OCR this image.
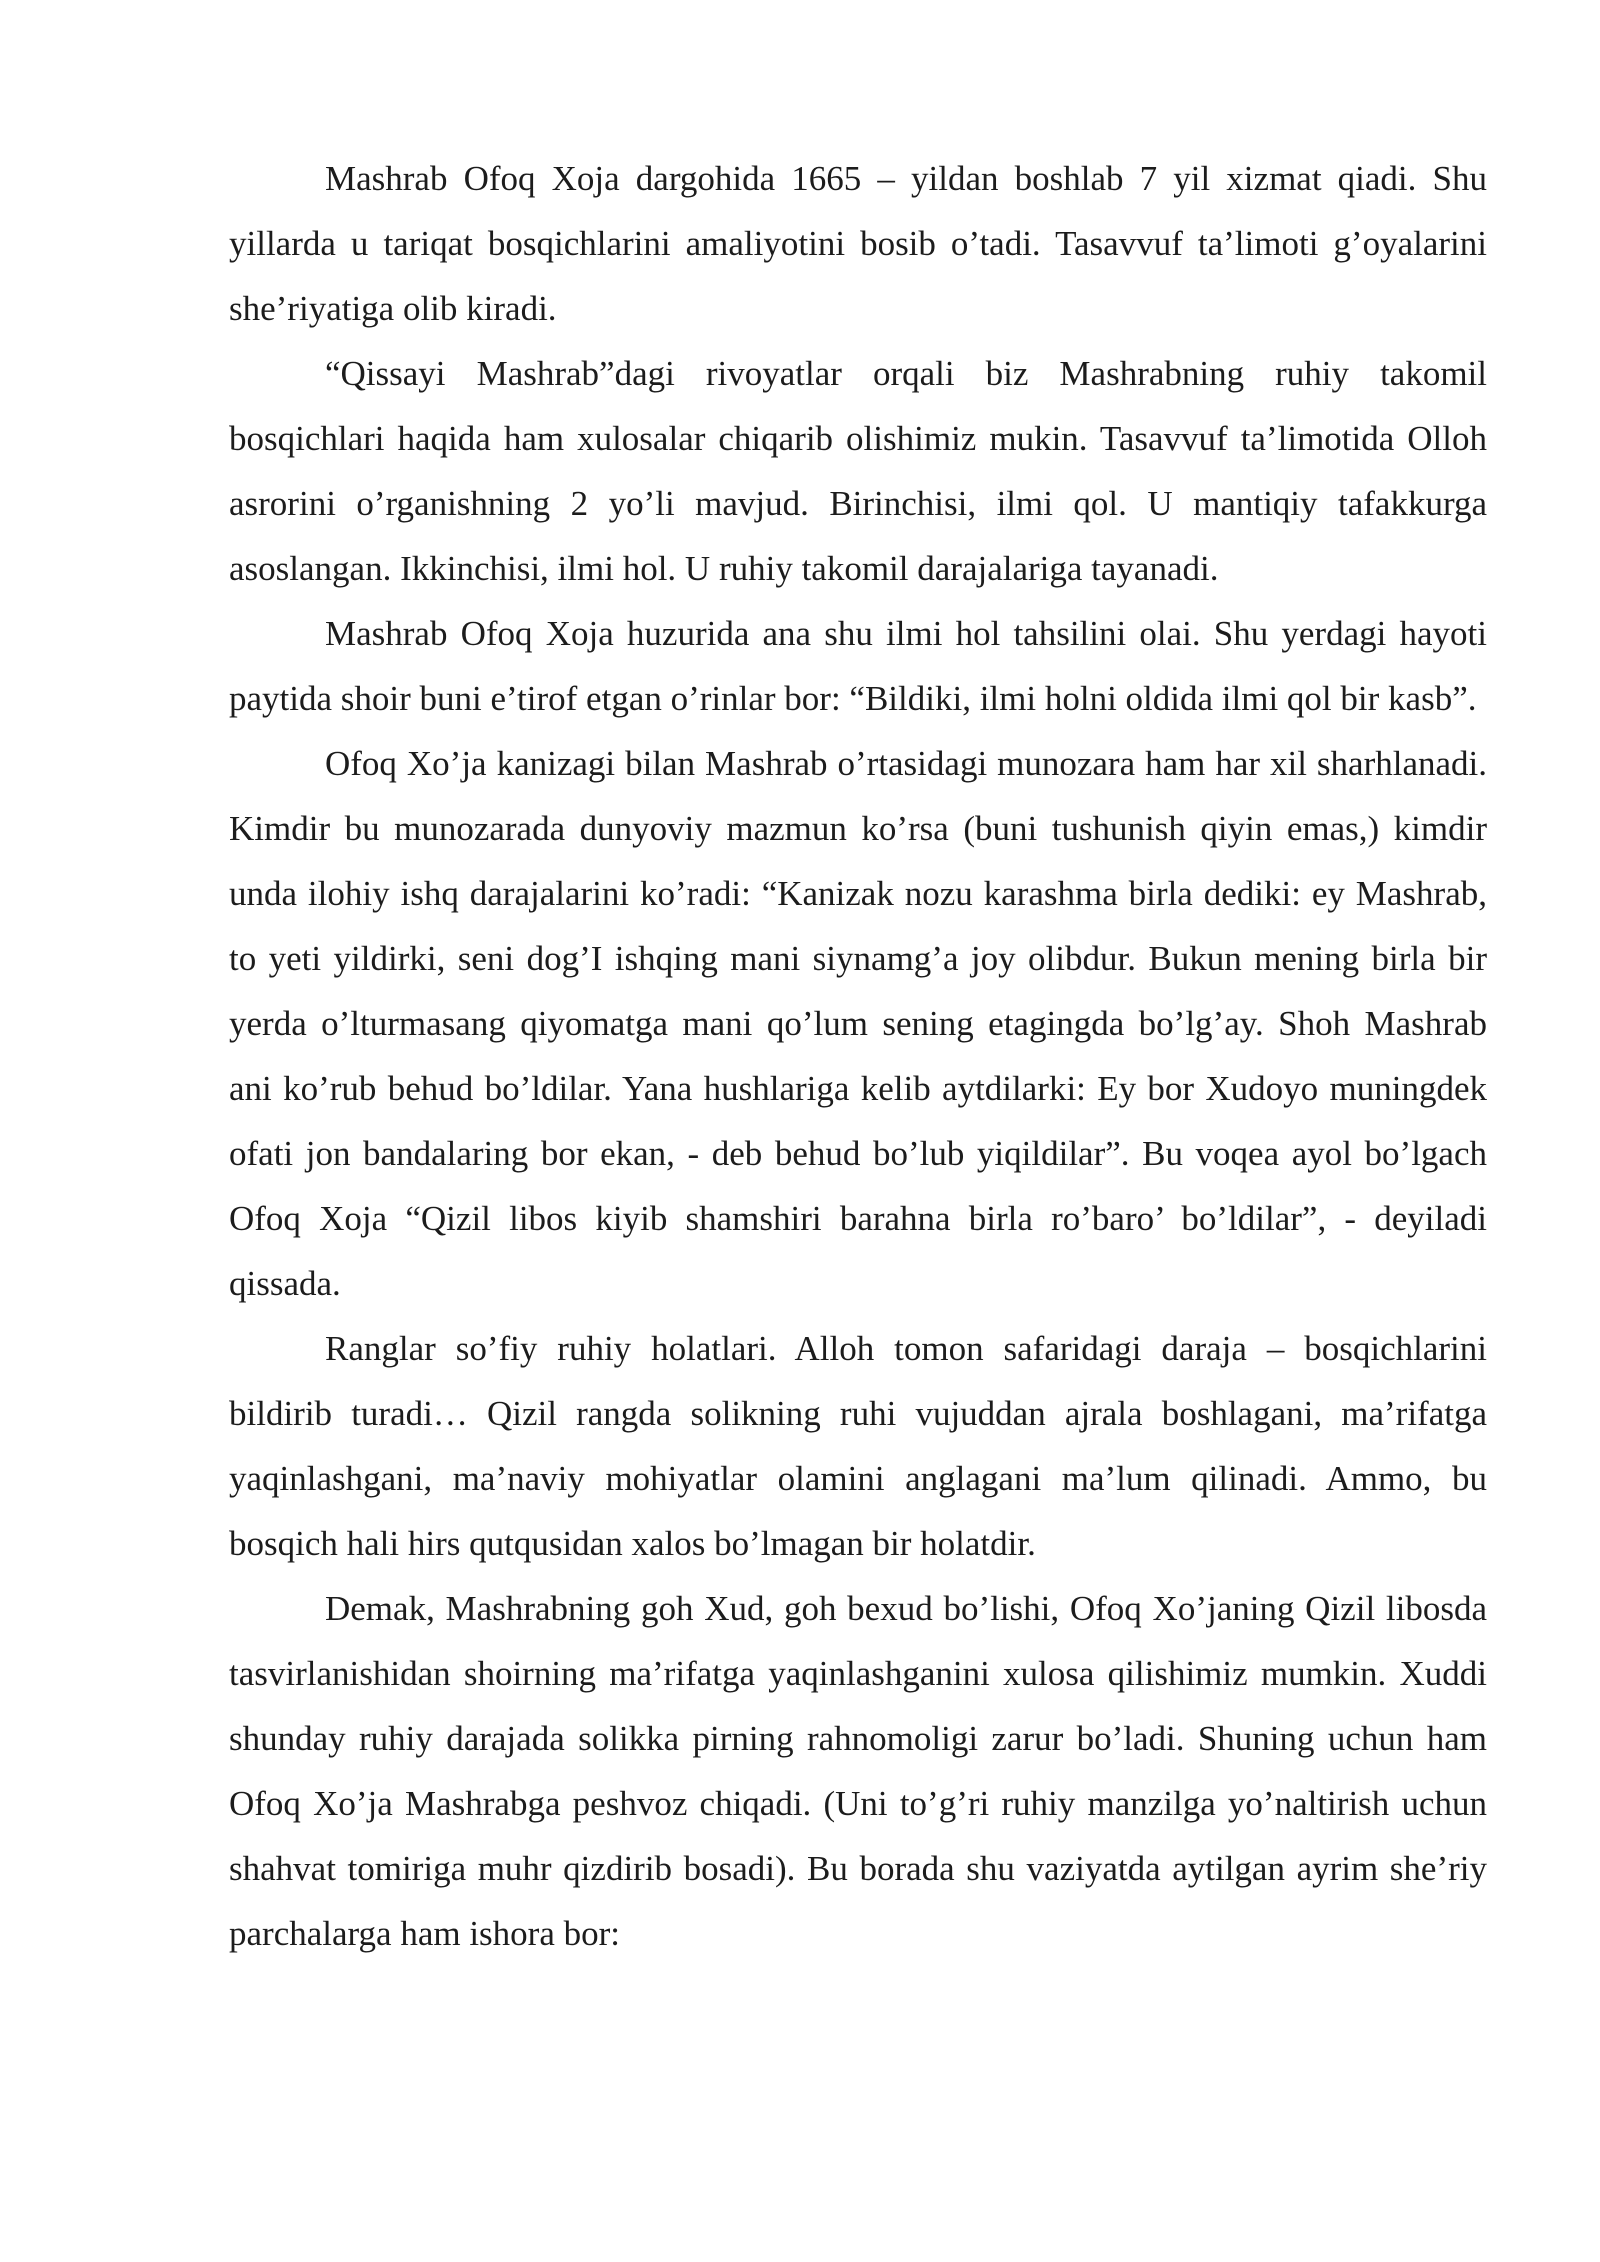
Mashrab Ofoq Xoja dargohida 1665 – yildan boshlab 7 yil xizmat qiadi. Shu yillarda u tariqat bosqichlarini amaliyotini bosib o’tadi. Tasavvuf ta’limoti g’oyalarini she’riyatiga olib kiradi.

“Qissayi Mashrab”dagi rivoyatlar orqali biz Mashrabning ruhiy takomil bosqichlari haqida ham xulosalar chiqarib olishimiz mukin. Tasavvuf ta’limotida Olloh asrorini o’rganishning 2 yo’li mavjud. Birinchisi, ilmi qol. U mantiqiy tafakkurga asoslangan. Ikkinchisi, ilmi hol. U ruhiy takomil darajalariga tayanadi.

Mashrab Ofoq Xoja huzurida ana shu ilmi hol tahsilini olai. Shu yerdagi hayoti paytida shoir buni e’tirof etgan o’rinlar bor: “Bildiki, ilmi holni oldida ilmi qol bir kasb”.

Ofoq Xo’ja kanizagi bilan Mashrab o’rtasidagi munozara ham har xil sharhlanadi. Kimdir bu munozarada dunyoviy mazmun ko’rsa (buni tushunish qiyin emas,) kimdir unda ilohiy ishq darajalarini ko’radi: “Kanizak nozu karashma birla dediki: ey Mashrab, to yeti yildirki, seni dog’I ishqing mani siynamg’a joy olibdur. Bukun mening birla bir yerda o’lturmasang qiyomatga mani qo’lum sening etagingda bo’lg’ay. Shoh Mashrab ani ko’rub behud bo’ldilar. Yana hushlariga kelib aytdilarki: Ey bor Xudoyo muningdek ofati jon bandalaring bor ekan, - deb behud bo’lub yiqildilar”. Bu voqea ayol bo’lgach Ofoq Xoja “Qizil libos kiyib shamshiri barahna birla ro’baro’ bo’ldilar”, - deyiladi qissada.

Ranglar so’fiy ruhiy holatlari. Alloh tomon safaridagi daraja – bosqichlarini bildirib turadi… Qizil rangda solikning ruhi vujuddan ajrala boshlagani, ma’rifatga yaqinlashgani, ma’naviy mohiyatlar olamini anglagani ma’lum qilinadi. Ammo, bu bosqich hali hirs qutqusidan xalos bo’lmagan bir holatdir.

Demak, Mashrabning goh Xud, goh bexud bo’lishi, Ofoq Xo’janing Qizil libosda tasvirlanishidan shoirning ma’rifatga yaqinlashganini xulosa qilishimiz mumkin. Xuddi shunday ruhiy darajada solikka pirning rahnomoligi zarur bo’ladi. Shuning uchun ham Ofoq Xo’ja Mashrabga peshvoz chiqadi. (Uni to’g’ri ruhiy manzilga yo’naltirish uchun shahvat tomiriga muhr qizdirib bosadi). Bu borada shu vaziyatda aytilgan ayrim she’riy parchalarga ham ishora bor:
